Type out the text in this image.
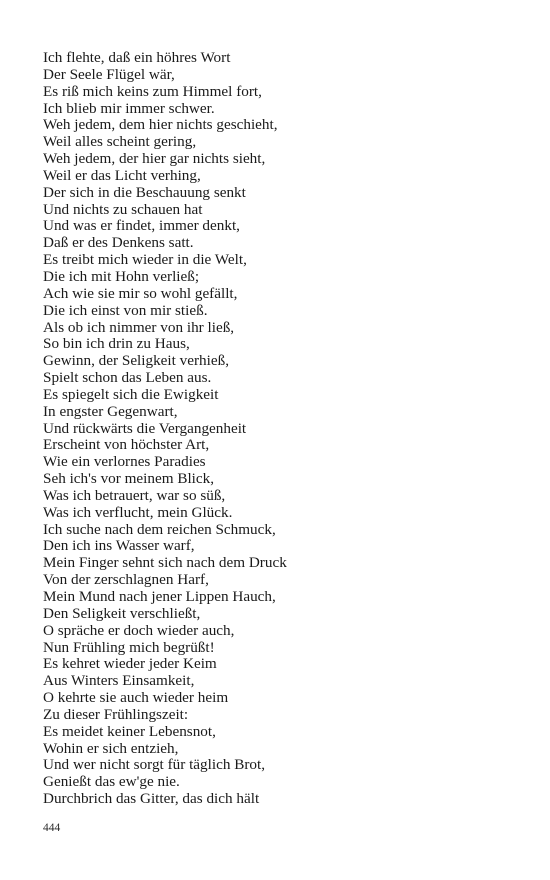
Ich flehte, daß ein höhres Wort
Der Seele Flügel wär,
Es riß mich keins zum Himmel fort,
Ich blieb mir immer schwer.
Weh jedem, dem hier nichts geschieht,
Weil alles scheint gering,
Weh jedem, der hier gar nichts sieht,
Weil er das Licht verhing,
Der sich in die Beschauung senkt
Und nichts zu schauen hat
Und was er findet, immer denkt,
Daß er des Denkens satt.
Es treibt mich wieder in die Welt,
Die ich mit Hohn verließ;
Ach wie sie mir so wohl gefällt,
Die ich einst von mir stieß.
Als ob ich nimmer von ihr ließ,
So bin ich drin zu Haus,
Gewinn, der Seligkeit verhieß,
Spielt schon das Leben aus.
Es spiegelt sich die Ewigkeit
In engster Gegenwart,
Und rückwärts die Vergangenheit
Erscheint von höchster Art,
Wie ein verlornes Paradies
Seh ich's vor meinem Blick,
Was ich betrauert, war so süß,
Was ich verflucht, mein Glück.
Ich suche nach dem reichen Schmuck,
Den ich ins Wasser warf,
Mein Finger sehnt sich nach dem Druck
Von der zerschlagnen Harf,
Mein Mund nach jener Lippen Hauch,
Den Seligkeit verschließt,
O spräche er doch wieder auch,
Nun Frühling mich begrüßt!
Es kehret wieder jeder Keim
Aus Winters Einsamkeit,
O kehrte sie auch wieder heim
Zu dieser Frühlingszeit:
Es meidet keiner Lebensnot,
Wohin er sich entzieh,
Und wer nicht sorgt für täglich Brot,
Genießt das ew'ge nie.
Durchbrich das Gitter, das dich hält
444
